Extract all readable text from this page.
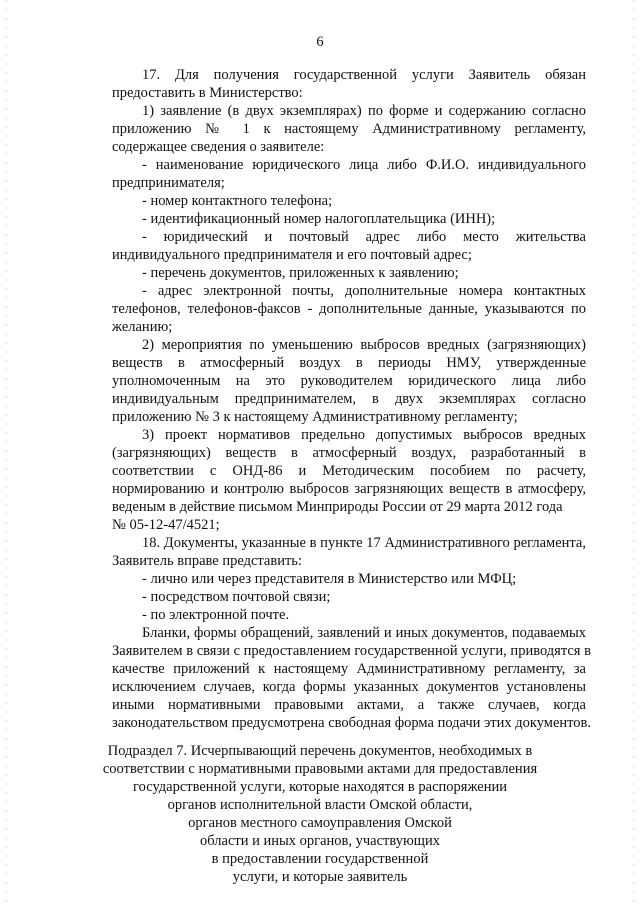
6
17. Для получения государственной услуги Заявитель обязан
предоставить в Министерство:
1) заявление (в двух экземплярах) по форме и содержанию согласно
приложению № 1 к настоящему Административному регламенту,
содержащее сведения о заявителе:
- наименование юридического лица либо Ф.И.О. индивидуального
предпринимателя;
- номер контактного телефона;
- идентификационный номер налогоплательщика (ИНН);
- юридический и почтовый адрес либо место жительства
индивидуального предпринимателя и его почтовый адрес;
- перечень документов, приложенных к заявлению;
- адрес электронной почты, дополнительные номера контактных
телефонов, телефонов-факсов - дополнительные данные, указываются по
желанию;
2) мероприятия по уменьшению выбросов вредных (загрязняющих)
веществ в атмосферный воздух в периоды НМУ, утвержденные
уполномоченным на это руководителем юридического лица либо
индивидуальным предпринимателем, в двух экземплярах согласно
приложению № 3 к настоящему Административному регламенту;
3) проект нормативов предельно допустимых выбросов вредных
(загрязняющих) веществ в атмосферный воздух, разработанный в
соответствии с ОНД-86 и Методическим пособием по расчету,
нормированию и контролю выбросов загрязняющих веществ в атмосферу,
веденым в действие письмом Минприроды России от 29 марта 2012 года
№ 05-12-47/4521;
18. Документы, указанные в пункте 17 Административного регламента,
Заявитель вправе представить:
- лично или через представителя в Министерство или МФЦ;
- посредством почтовой связи;
- по электронной почте.
Бланки, формы обращений, заявлений и иных документов, подаваемых
Заявителем в связи с предоставлением государственной услуги, приводятся в
качестве приложений к настоящему Административному регламенту, за
исключением случаев, когда формы указанных документов установлены
иными нормативными правовыми актами, а также случаев, когда
законодательством предусмотрена свободная форма подачи этих документов.
Подраздел 7. Исчерпывающий перечень документов, необходимых в
соответствии с нормативными правовыми актами для предоставления
государственной услуги, которые находятся в распоряжении
органов исполнительной власти Омской области,
органов местного самоуправления Омской
области и иных органов, участвующих
в предоставлении государственной
услуги, и которые заявитель
